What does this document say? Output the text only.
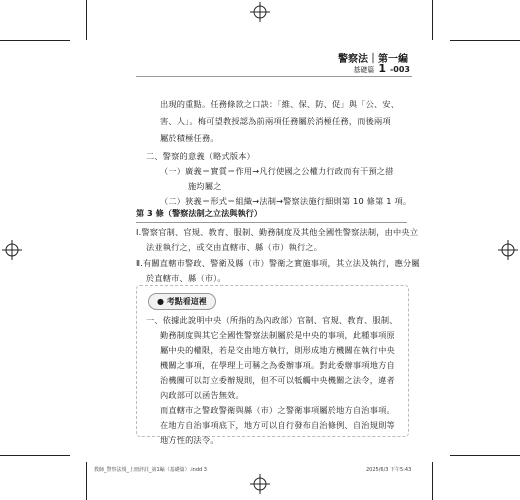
警察法｜第一編
基礎篇 1 -003
出現的重點。任務條款之口訣：「維、保、防、促」與「公、安、
害、人」。梅可望教授認為前兩項任務屬於消極任務，而後兩項
屬於積極任務。
二、警察的意義（略式版本）
（一）廣義＝實質＝作用→凡行使國之公權力行政而有干預之措
施均屬之
（二）狹義＝形式＝組織→法制→警察法施行細則第 10 條第 1 項。
第 3 條（警察法制之立法與執行）
Ⅰ.警察官制、官規、教育、服制、勤務制度及其他全國性警察法制，由中央立
法並執行之，或交由直轄市、縣（市）執行之。
Ⅱ.有關直轄市警政、警衛及縣（市）警衛之實施事項，其立法及執行，應分屬
於直轄市、縣（市）。
● 考點看這裡
一、依據此說明中央（所指的為內政部）官制、官規、教育、服制、
勤務制度與其它全國性警察法制屬於是中央的事項，此種事項原
屬中央的權限，若是交由地方執行，則形成地方機關在執行中央
機關之事項，在學理上可稱之為委辦事項。對此委辦事項地方自
治機關可以訂立委辦規則，但不可以牴觸中央機關之法令，違者
內政部可以函告無效。
而直轄市之警政警衛與縣（市）之警衛事項屬於地方自治事項。
在地方自治事項底下，地方可以自行發布自治條例、自治規則等
地方性的法令。
教師_警察法規_上冊評註_第1編（基礎篇）.indd 3	2025/6/3 下午5:43
